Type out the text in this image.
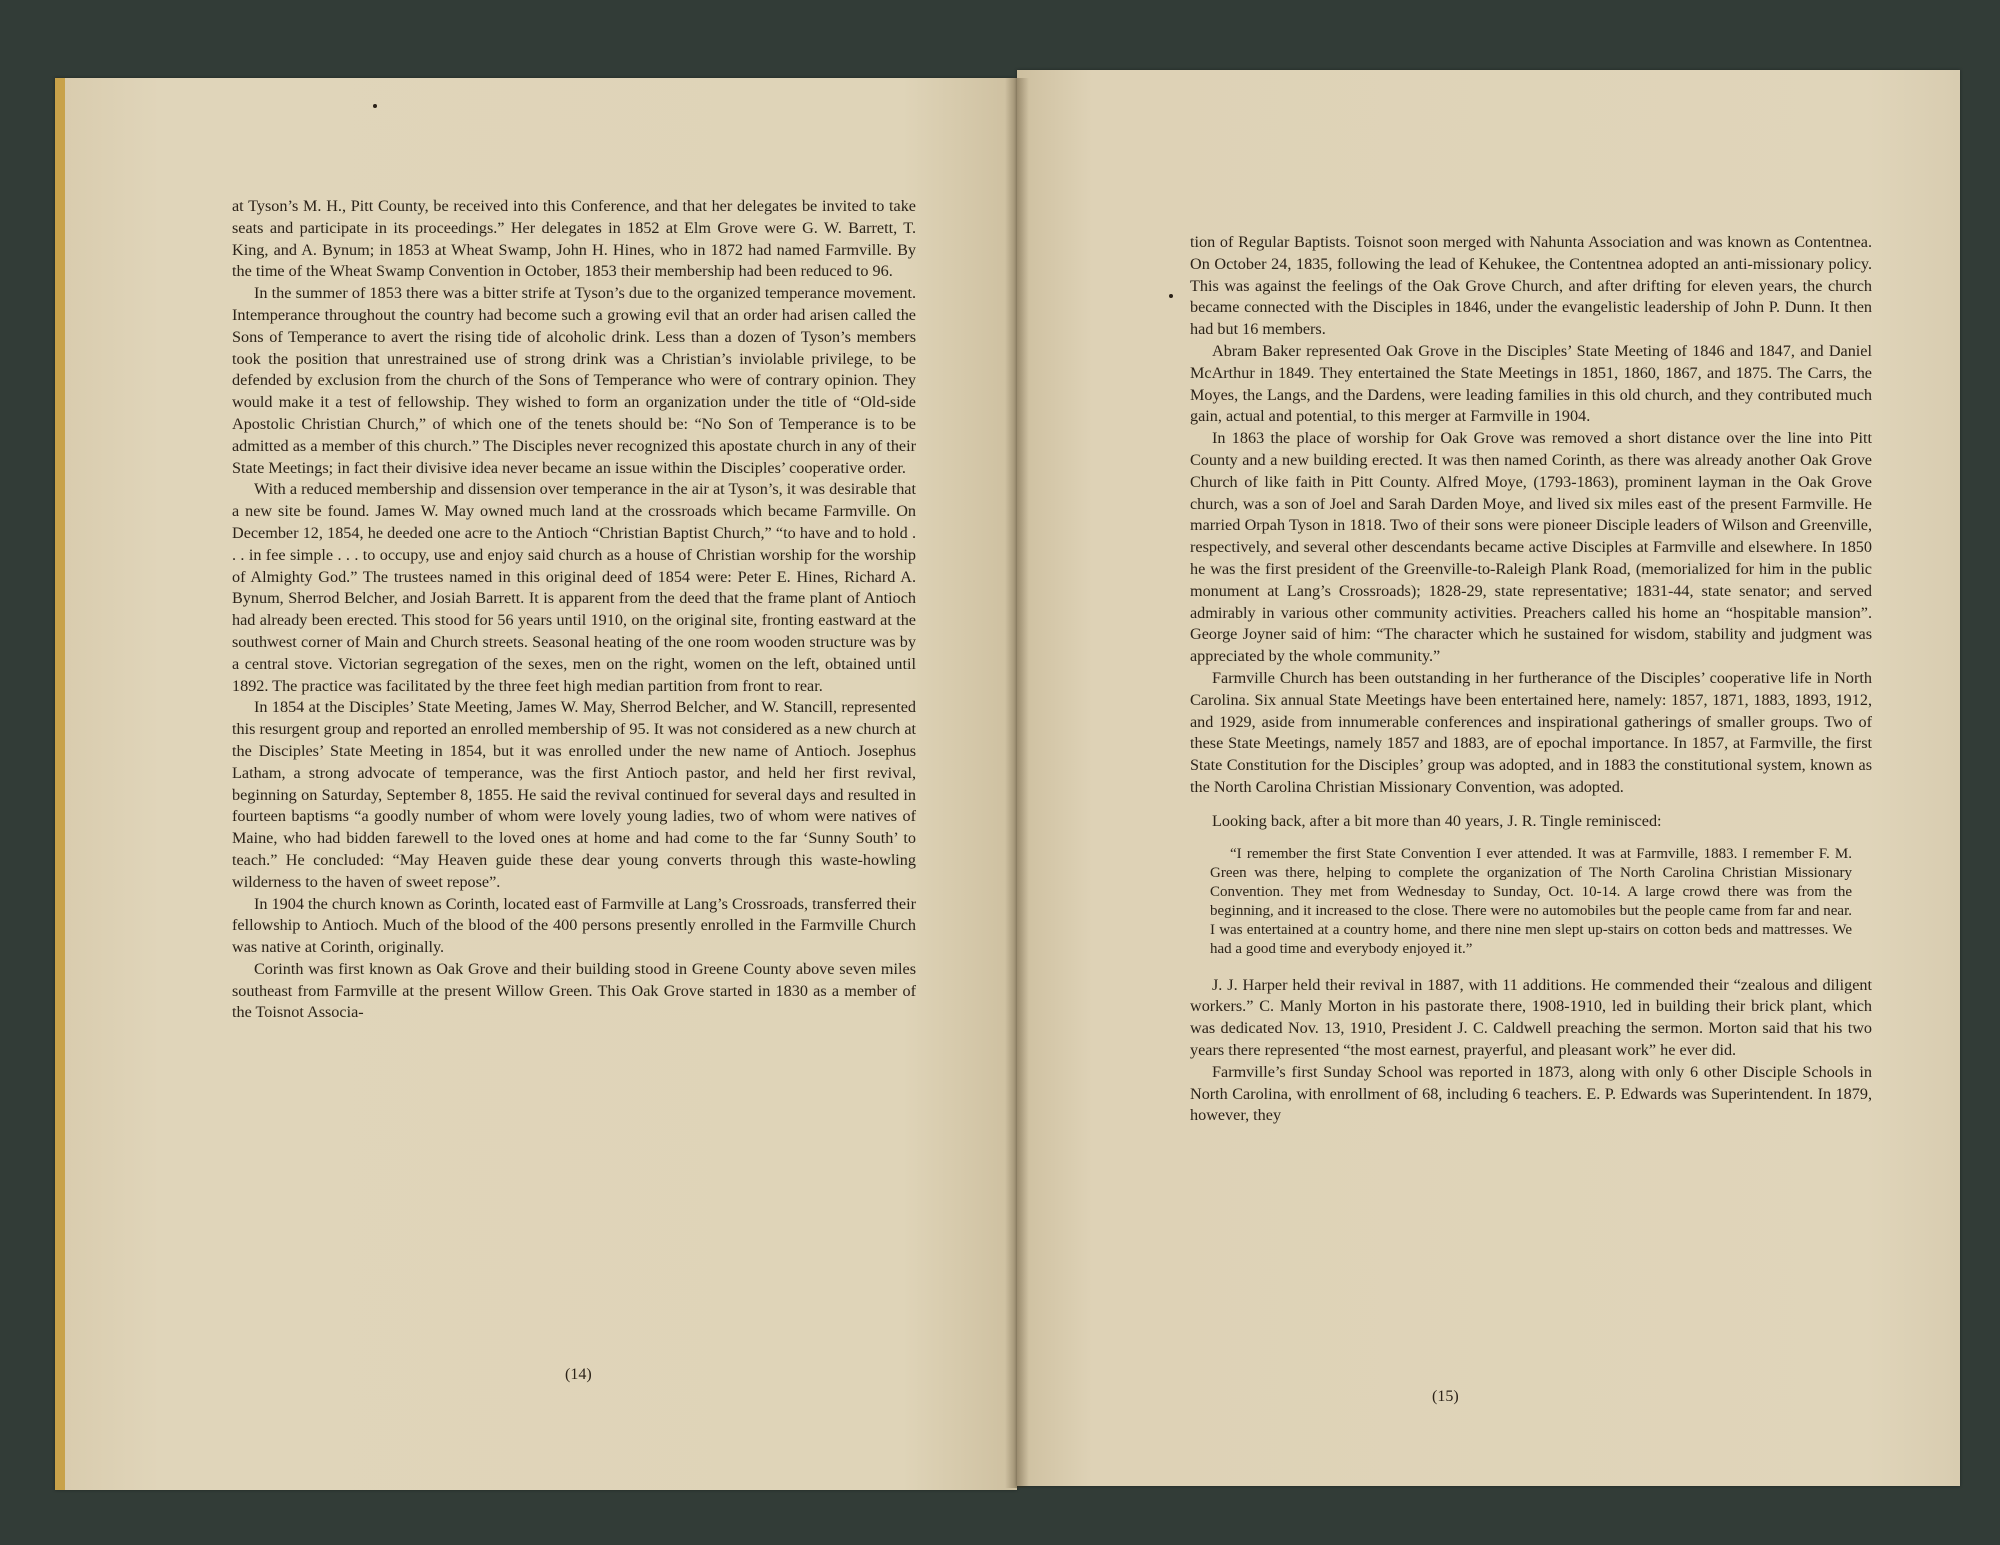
at Tyson’s M. H., Pitt County, be received into this Conference, and that her delegates be invited to take seats and participate in its proceedings.” Her delegates in 1852 at Elm Grove were G. W. Barrett, T. King, and A. Bynum; in 1853 at Wheat Swamp, John H. Hines, who in 1872 had named Farmville. By the time of the Wheat Swamp Convention in October, 1853 their membership had been reduced to 96.

In the summer of 1853 there was a bitter strife at Tyson’s due to the organized temperance movement. Intemperance throughout the country had become such a growing evil that an order had arisen called the Sons of Temperance to avert the rising tide of alcoholic drink. Less than a dozen of Tyson’s members took the position that unrestrained use of strong drink was a Christian’s inviolable privilege, to be defended by exclusion from the church of the Sons of Temperance who were of contrary opinion. They would make it a test of fellowship. They wished to form an organization under the title of “Old-side Apostolic Christian Church,” of which one of the tenets should be: “No Son of Temperance is to be admitted as a member of this church.” The Disciples never recognized this apostate church in any of their State Meetings; in fact their divisive idea never became an issue within the Disciples’ cooperative order.

With a reduced membership and dissension over temperance in the air at Tyson’s, it was desirable that a new site be found. James W. May owned much land at the crossroads which became Farmville. On December 12, 1854, he deeded one acre to the Antioch “Christian Baptist Church,” “to have and to hold . . . in fee simple . . . to occupy, use and enjoy said church as a house of Christian worship for the worship of Almighty God.” The trustees named in this original deed of 1854 were: Peter E. Hines, Richard A. Bynum, Sherrod Belcher, and Josiah Barrett. It is apparent from the deed that the frame plant of Antioch had already been erected. This stood for 56 years until 1910, on the original site, fronting eastward at the southwest corner of Main and Church streets. Seasonal heating of the one room wooden structure was by a central stove. Victorian segregation of the sexes, men on the right, women on the left, obtained until 1892. The practice was facilitated by the three feet high median partition from front to rear.

In 1854 at the Disciples’ State Meeting, James W. May, Sherrod Belcher, and W. Stancill, represented this resurgent group and reported an enrolled membership of 95. It was not considered as a new church at the Disciples’ State Meeting in 1854, but it was enrolled under the new name of Antioch. Josephus Latham, a strong advocate of temperance, was the first Antioch pastor, and held her first revival, beginning on Saturday, September 8, 1855. He said the revival continued for several days and resulted in fourteen baptisms “a goodly number of whom were lovely young ladies, two of whom were natives of Maine, who had bidden farewell to the loved ones at home and had come to the far ‘Sunny South’ to teach.” He concluded: “May Heaven guide these dear young converts through this waste-howling wilderness to the haven of sweet repose”.

In 1904 the church known as Corinth, located east of Farmville at Lang’s Crossroads, transferred their fellowship to Antioch. Much of the blood of the 400 persons presently enrolled in the Farmville Church was native at Corinth, originally.

Corinth was first known as Oak Grove and their building stood in Greene County above seven miles southeast from Farmville at the present Willow Green. This Oak Grove started in 1830 as a member of the Toisnot Associa-

(14)

tion of Regular Baptists. Toisnot soon merged with Nahunta Association and was known as Contentnea. On October 24, 1835, following the lead of Kehukee, the Contentnea adopted an anti-missionary policy. This was against the feelings of the Oak Grove Church, and after drifting for eleven years, the church became connected with the Disciples in 1846, under the evangelistic leadership of John P. Dunn. It then had but 16 members.

Abram Baker represented Oak Grove in the Disciples’ State Meeting of 1846 and 1847, and Daniel McArthur in 1849. They entertained the State Meetings in 1851, 1860, 1867, and 1875. The Carrs, the Moyes, the Langs, and the Dardens, were leading families in this old church, and they contributed much gain, actual and potential, to this merger at Farmville in 1904.

In 1863 the place of worship for Oak Grove was removed a short distance over the line into Pitt County and a new building erected. It was then named Corinth, as there was already another Oak Grove Church of like faith in Pitt County. Alfred Moye, (1793-1863), prominent layman in the Oak Grove church, was a son of Joel and Sarah Darden Moye, and lived six miles east of the present Farmville. He married Orpah Tyson in 1818. Two of their sons were pioneer Disciple leaders of Wilson and Greenville, respectively, and several other descendants became active Disciples at Farmville and elsewhere. In 1850 he was the first president of the Greenville-to-Raleigh Plank Road, (memorialized for him in the public monument at Lang’s Crossroads); 1828-29, state representative; 1831-44, state senator; and served admirably in various other community activities. Preachers called his home an “hospitable mansion”. George Joyner said of him: “The character which he sustained for wisdom, stability and judgment was appreciated by the whole community.”

Farmville Church has been outstanding in her furtherance of the Disciples’ cooperative life in North Carolina. Six annual State Meetings have been entertained here, namely: 1857, 1871, 1883, 1893, 1912, and 1929, aside from innumerable conferences and inspirational gatherings of smaller groups. Two of these State Meetings, namely 1857 and 1883, are of epochal importance. In 1857, at Farmville, the first State Constitution for the Disciples’ group was adopted, and in 1883 the constitutional system, known as the North Carolina Christian Missionary Convention, was adopted.

Looking back, after a bit more than 40 years, J. R. Tingle reminisced:

“I remember the first State Convention I ever attended. It was at Farmville, 1883. I remember F. M. Green was there, helping to complete the organization of The North Carolina Christian Missionary Convention. They met from Wednesday to Sunday, Oct. 10-14. A large crowd there was from the beginning, and it increased to the close. There were no automobiles but the people came from far and near. I was entertained at a country home, and there nine men slept up-stairs on cotton beds and mattresses. We had a good time and everybody enjoyed it.”

J. J. Harper held their revival in 1887, with 11 additions. He commended their “zealous and diligent workers.” C. Manly Morton in his pastorate there, 1908-1910, led in building their brick plant, which was dedicated Nov. 13, 1910, President J. C. Caldwell preaching the sermon. Morton said that his two years there represented “the most earnest, prayerful, and pleasant work” he ever did.

Farmville’s first Sunday School was reported in 1873, along with only 6 other Disciple Schools in North Carolina, with enrollment of 68, including 6 teachers. E. P. Edwards was Superintendent. In 1879, however, they

(15)
